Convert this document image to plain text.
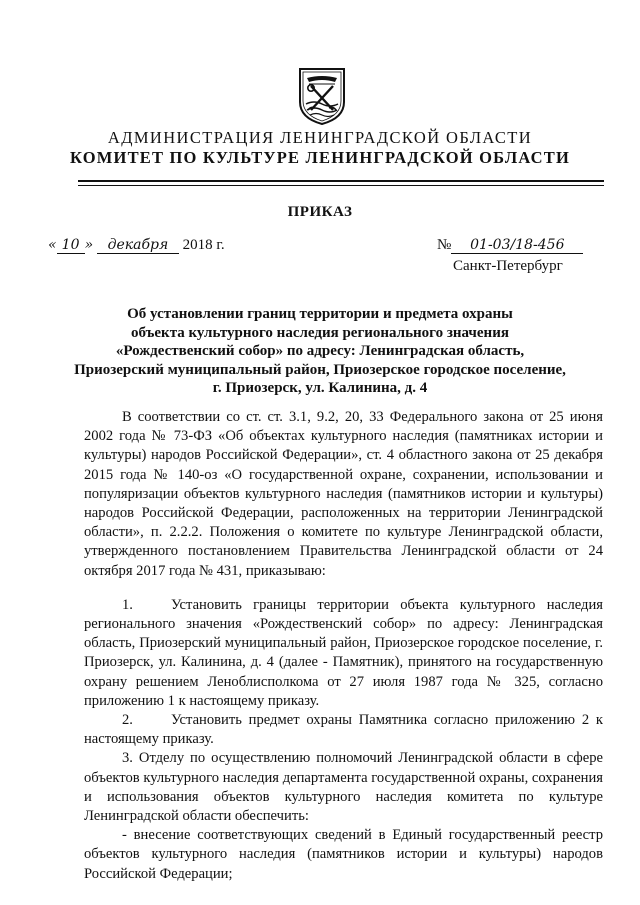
АДМИНИСТРАЦИЯ ЛЕНИНГРАДСКОЙ ОБЛАСТИ
КОМИТЕТ ПО КУЛЬТУРЕ ЛЕНИНГРАДСКОЙ ОБЛАСТИ
ПРИКАЗ
« 10 » декабря 2018 г.	№ 01-03/18-456
Санкт-Петербург
Об установлении границ территории и предмета охраны
объекта культурного наследия регионального значения
«Рождественский собор» по адресу: Ленинградская область,
Приозерский муниципальный район, Приозерское городское поселение,
г. Приозерск, ул. Калинина, д. 4

В соответствии со ст. ст. 3.1, 9.2, 20, 33 Федерального закона от 25 июня 2002 года № 73-ФЗ «Об объектах культурного наследия (памятниках истории и культуры) народов Российской Федерации», ст. 4 областного закона от 25 декабря 2015 года № 140-оз «О государственной охране, сохранении, использовании и популяризации объектов культурного наследия (памятников истории и культуры) народов Российской Федерации, расположенных на территории Ленинградской области», п. 2.2.2. Положения о комитете по культуре Ленинградской области, утвержденного постановлением Правительства Ленинградской области от 24 октября 2017 года № 431, приказываю:

1.	Установить границы территории объекта культурного наследия регионального значения «Рождественский собор» по адресу: Ленинградская область, Приозерский муниципальный район, Приозерское городское поселение, г. Приозерск, ул. Калинина, д. 4 (далее - Памятник), принятого на государственную охрану решением Леноблисполкома от 27 июля 1987 года № 325, согласно приложению 1 к настоящему приказу.

2.	Установить предмет охраны Памятника согласно приложению 2 к настоящему приказу.

3. Отделу по осуществлению полномочий Ленинградской области в сфере объектов культурного наследия департамента государственной охраны, сохранения и использования объектов культурного наследия комитета по культуре Ленинградской области обеспечить:

- внесение соответствующих сведений в Единый государственный реестр объектов культурного наследия (памятников истории и культуры) народов Российской Федерации;
